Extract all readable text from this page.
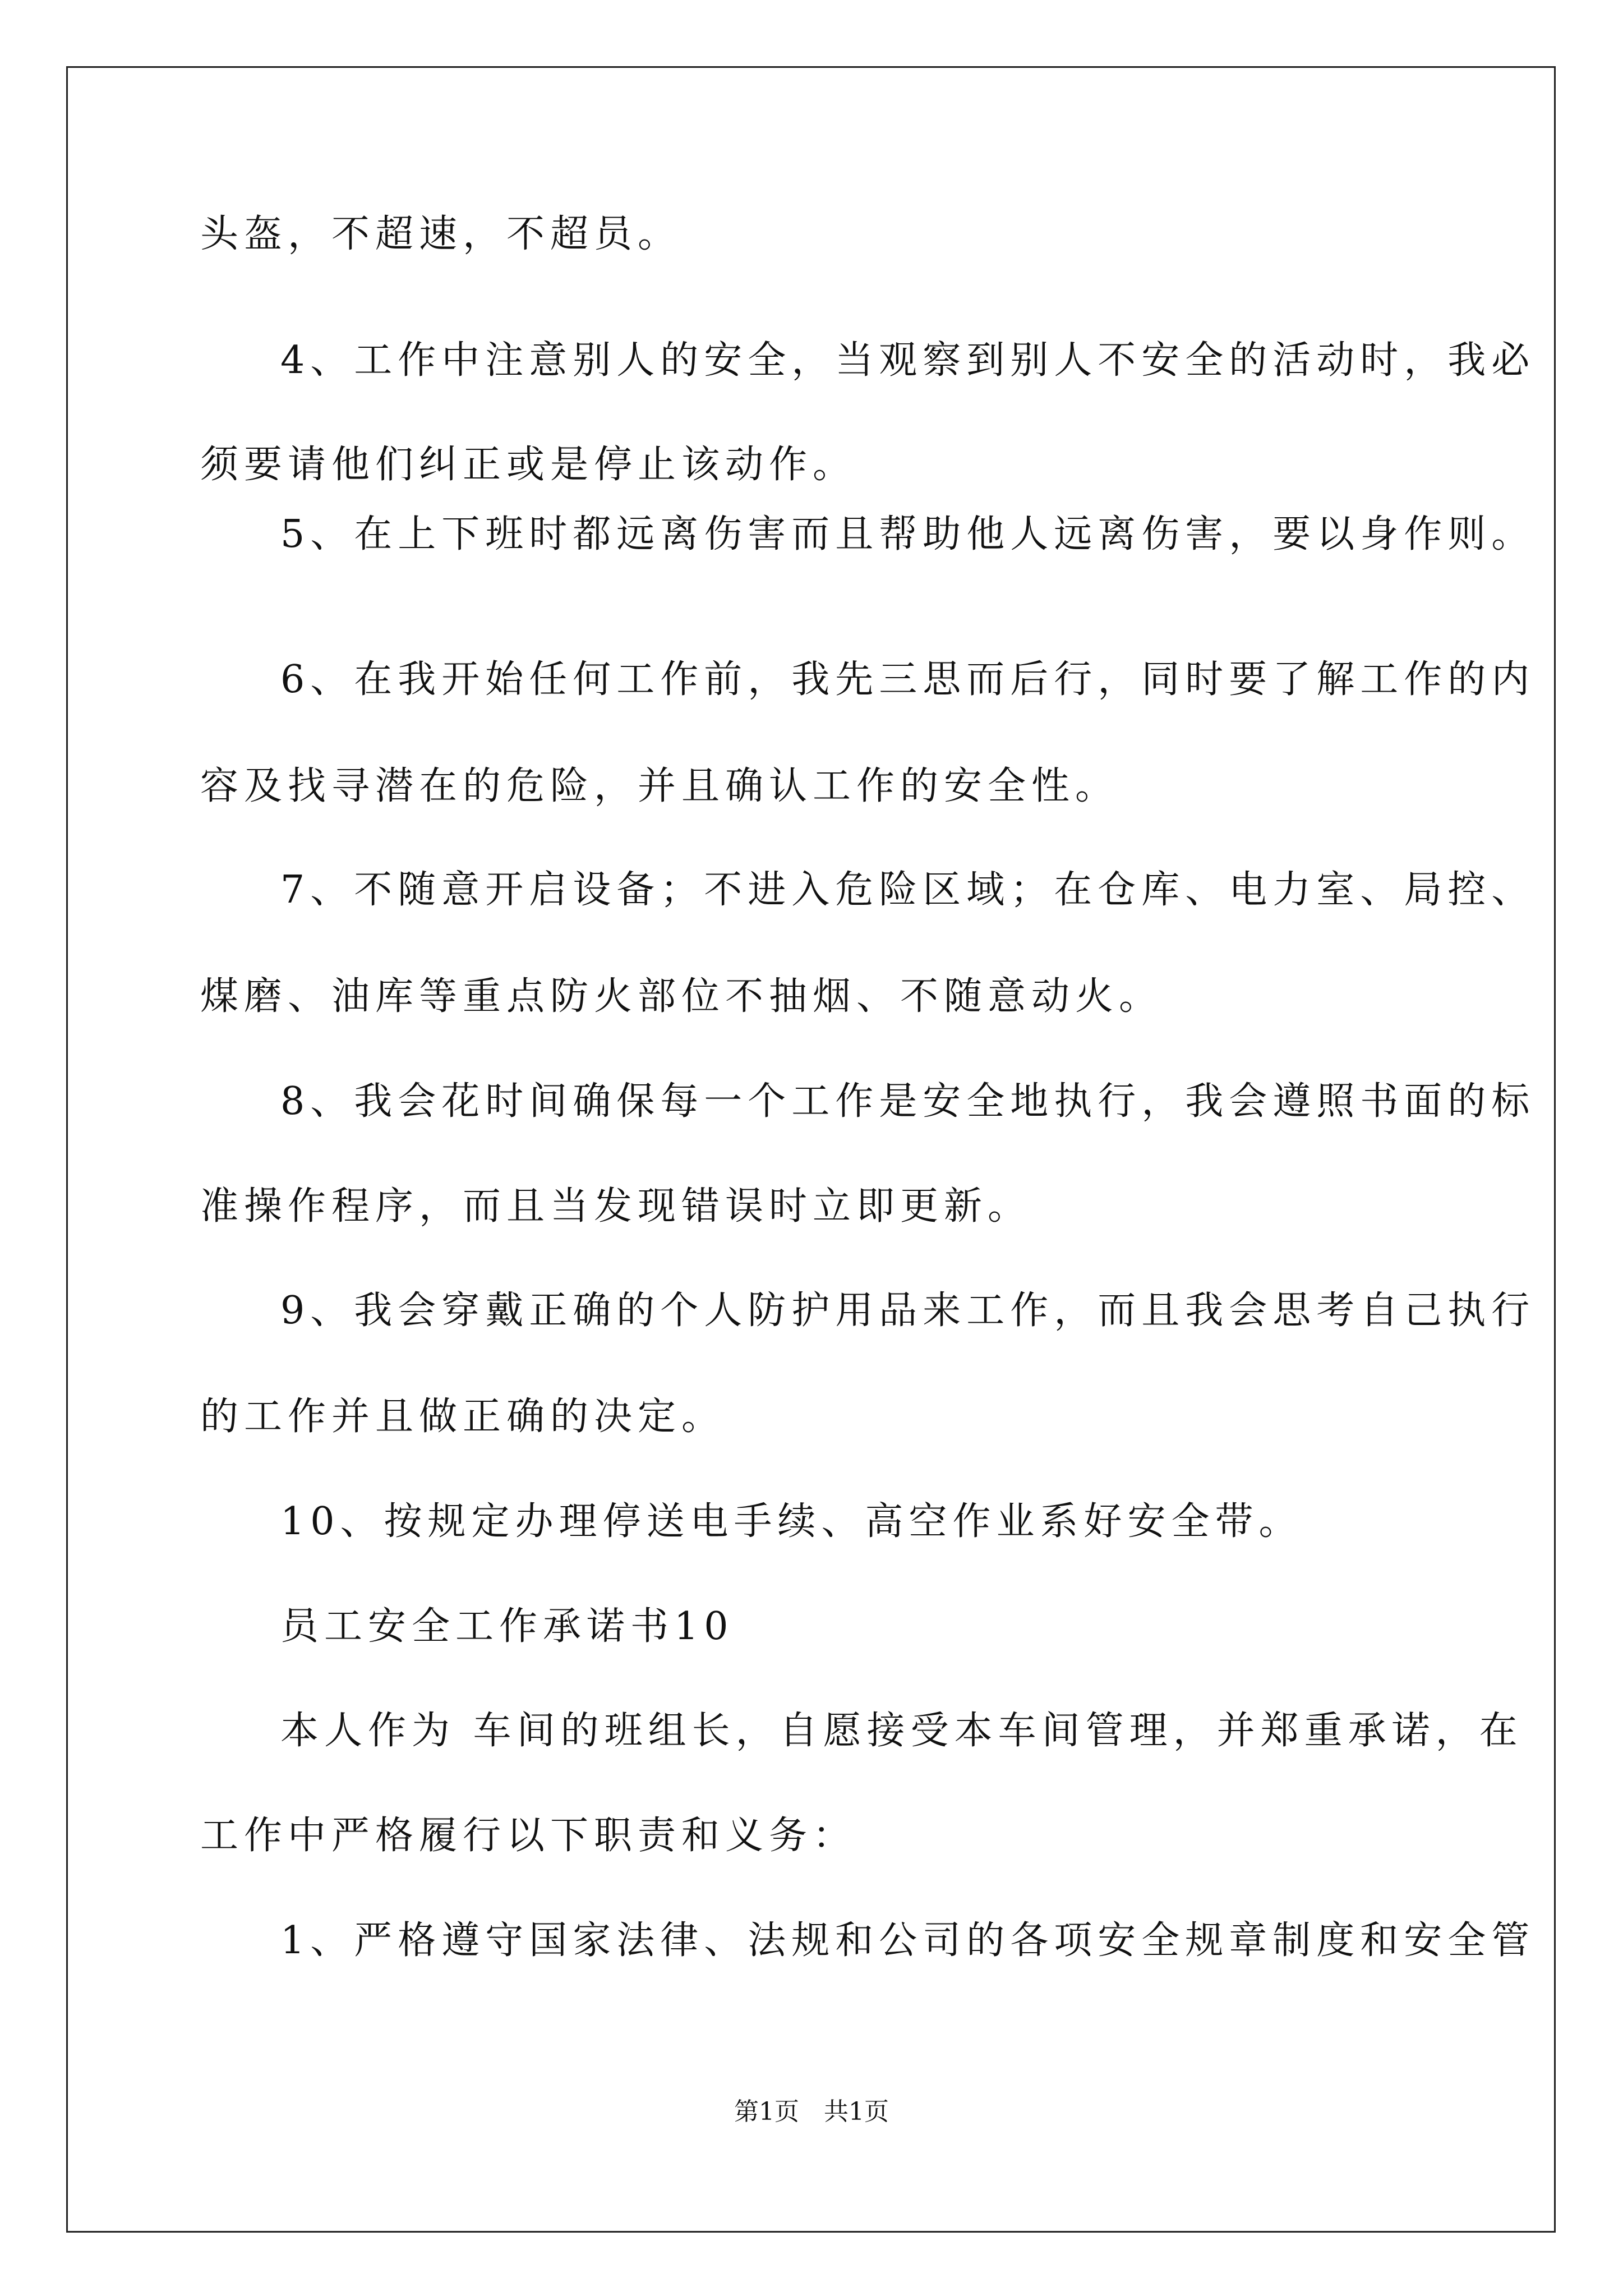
头盔，不超速，不超员。
4、工作中注意别人的安全，当观察到别人不安全的活动时，我必
须要请他们纠正或是停止该动作。
5、在上下班时都远离伤害而且帮助他人远离伤害，要以身作则。
6、在我开始任何工作前，我先三思而后行，同时要了解工作的内
容及找寻潜在的危险，并且确认工作的安全性。
7、不随意开启设备；不进入危险区域；在仓库、电力室、局控、
煤磨、油库等重点防火部位不抽烟、不随意动火。
8、我会花时间确保每一个工作是安全地执行，我会遵照书面的标
准操作程序，而且当发现错误时立即更新。
9、我会穿戴正确的个人防护用品来工作，而且我会思考自己执行
的工作并且做正确的决定。
10、按规定办理停送电手续、高空作业系好安全带。
员工安全工作承诺书10
本人作为 车间的班组长，自愿接受本车间管理，并郑重承诺，在
工作中严格履行以下职责和义务：
1、严格遵守国家法律、法规和公司的各项安全规章制度和安全管
第1页　共1页
